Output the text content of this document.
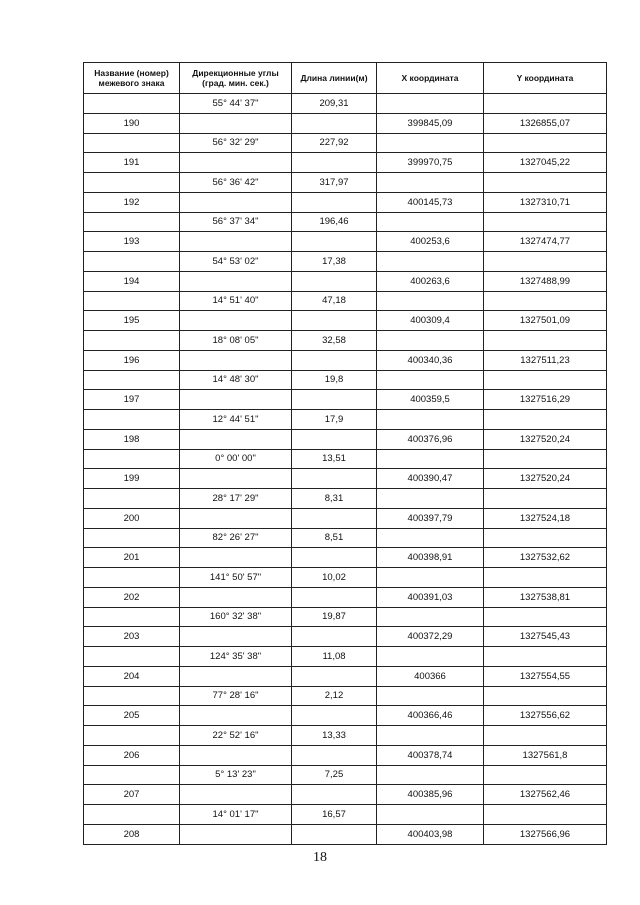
Название (номер) межевого знака	Дирекционные углы (град. мин. сек.)	Длина линии(м)	X координата	Y координата
	55° 44' 37"	209,31		
190			399845,09	1326855,07
	56° 32' 29"	227,92		
191			399970,75	1327045,22
	56° 36' 42"	317,97		
192			400145,73	1327310,71
	56° 37' 34"	196,46		
193			400253,6	1327474,77
	54° 53' 02"	17,38		
194			400263,6	1327488,99
	14° 51' 40"	47,18		
195			400309,4	1327501,09
	18° 08' 05"	32,58		
196			400340,36	1327511,23
	14° 48' 30"	19,8		
197			400359,5	1327516,29
	12° 44' 51"	17,9		
198			400376,96	1327520,24
	0° 00' 00"	13,51		
199			400390,47	1327520,24
	28° 17' 29"	8,31		
200			400397,79	1327524,18
	82° 26' 27"	8,51		
201			400398,91	1327532,62
	141° 50' 57"	10,02		
202			400391,03	1327538,81
	160° 32' 38"	19,87		
203			400372,29	1327545,43
	124° 35' 38"	11,08		
204			400366	1327554,55
	77° 28' 16"	2,12		
205			400366,46	1327556,62
	22° 52' 16"	13,33		
206			400378,74	1327561,8
	5° 13' 23"	7,25		
207			400385,96	1327562,46
	14° 01' 17"	16,57		
208			400403,98	1327566,96
18
